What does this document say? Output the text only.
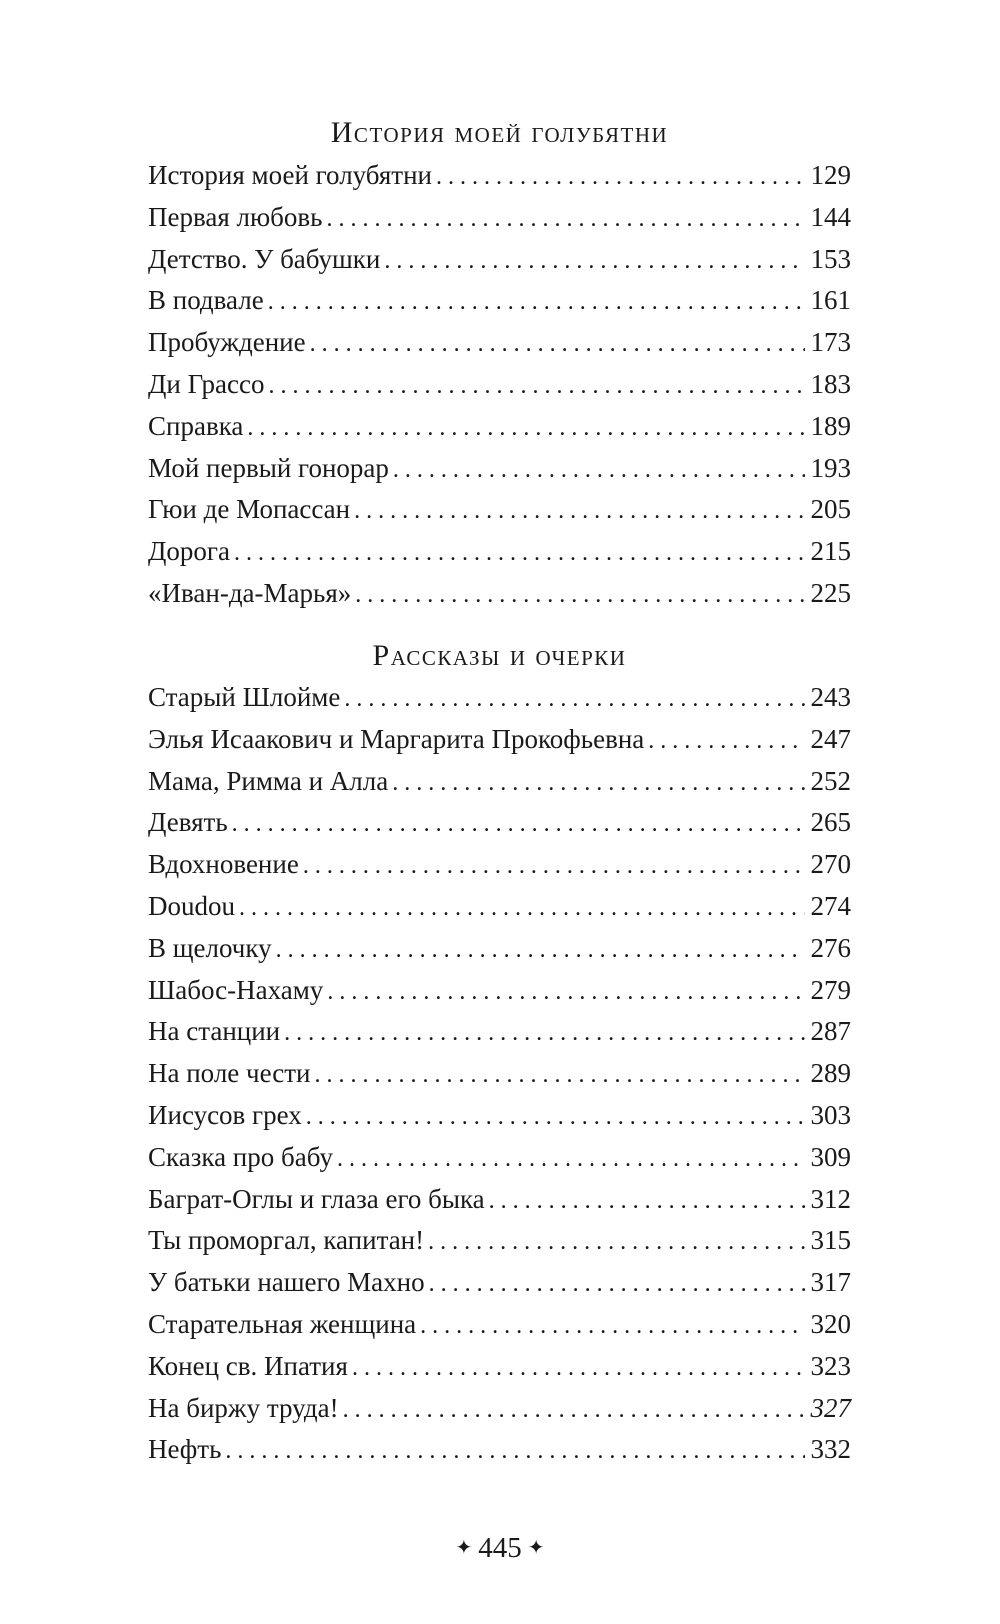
История моей голубятни
История моей голубятни . . .	129
Первая любовь . . .	144
Детство. У бабушки . . .	153
В подвале . . .	161
Пробуждение . . .	173
Ди Грассо . . .	183
Справка . . .	189
Мой первый гонорар . . .	193
Гюи де Мопассан . . .	205
Дорога . . .	215
«Иван-да-Марья» . . .	225
Рассказы и очерки
Старый Шлойме . . .	243
Элья Исаакович и Маргарита Прокофьевна . . .	247
Мама, Римма и Алла . . .	252
Девять . . .	265
Вдохновение . . .	270
Doudou . . .	274
В щелочку . . .	276
Шабос-Нахаму . . .	279
На станции . . .	287
На поле чести . . .	289
Иисусов грех . . .	303
Сказка про бабу . . .	309
Баграт-Оглы и глаза его быка . . .	312
Ты проморгал, капитан! . . .	315
У батьки нашего Махно . . .	317
Старательная женщина . . .	320
Конец св. Ипатия . . .	323
На биржу труда! . . .	327
Нефть . . .	332
✦ 445 ✦
